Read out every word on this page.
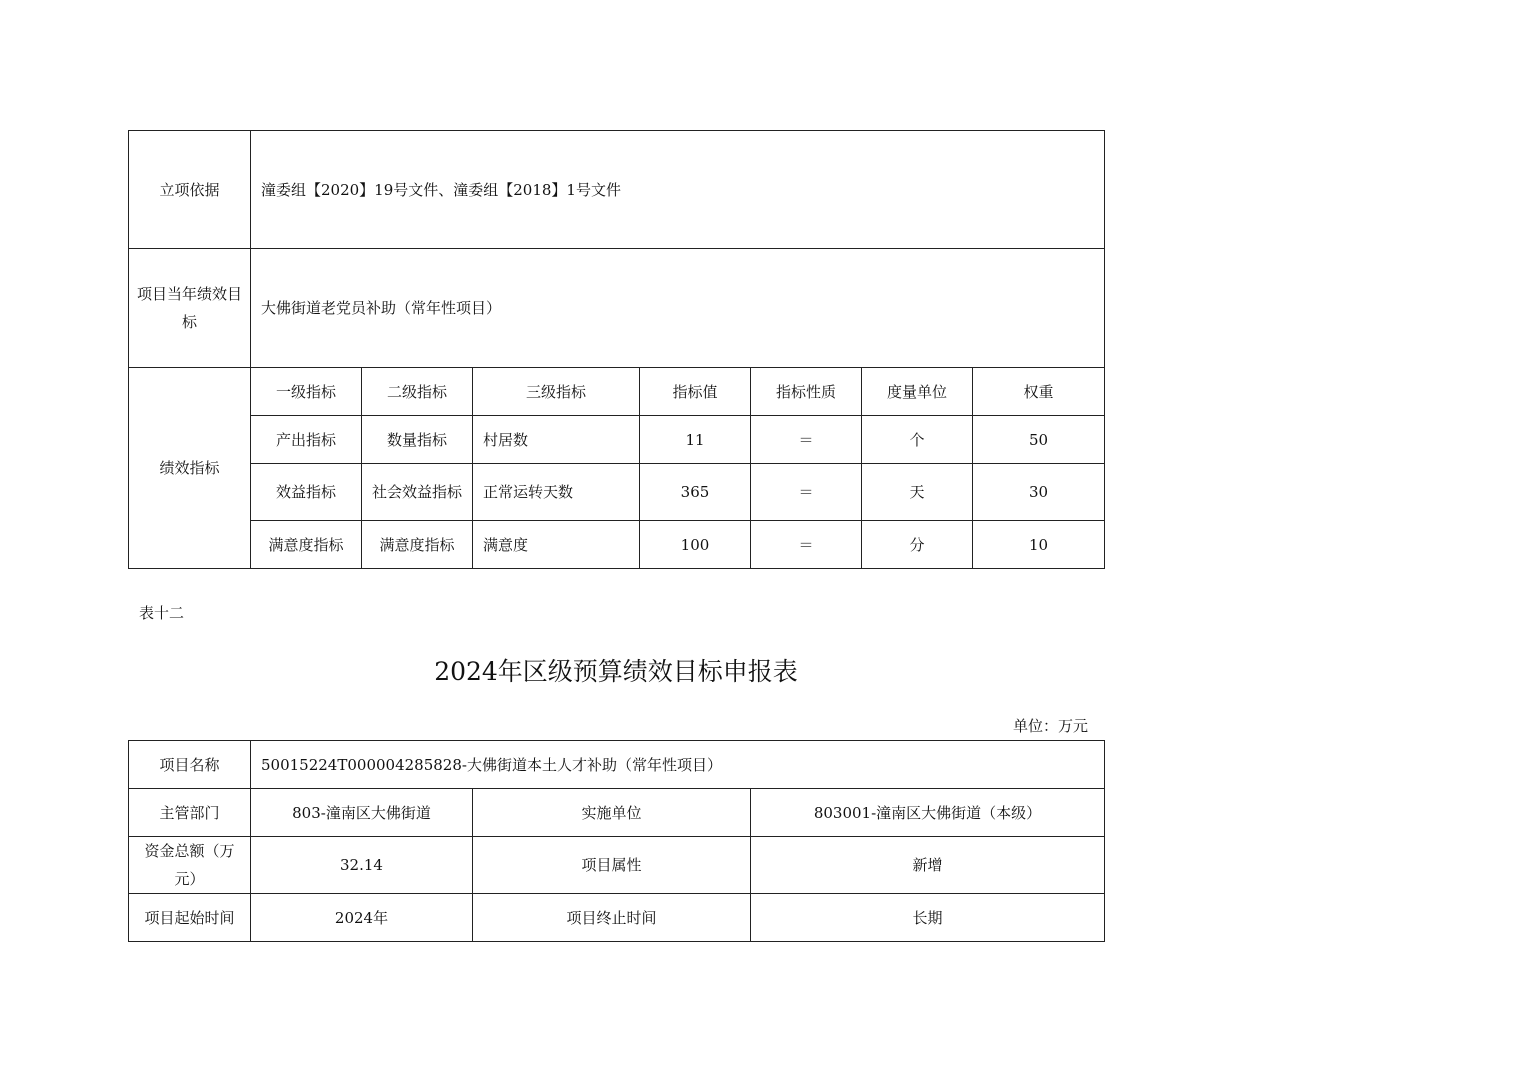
立项依据	潼委组【2020】19号文件、潼委组【2018】1号文件						
项目当年绩效目标	大佛街道老党员补助（常年性项目）						
绩效指标	一级指标	二级指标	三级指标	指标值	指标性质	度量单位	权重
	产出指标	数量指标	村居数	11	＝	个	50
	效益指标	社会效益指标	正常运转天数	365	＝	天	30
	满意度指标	满意度指标	满意度	100	＝	分	10
表十二
2024年区级预算绩效目标申报表
单位：万元
项目名称	50015224T000004285828-大佛街道本土人才补助（常年性项目）		
主管部门	803-潼南区大佛街道	实施单位	803001-潼南区大佛街道（本级）
资金总额（万元）	32.14	项目属性	新增
项目起始时间	2024年	项目终止时间	长期
